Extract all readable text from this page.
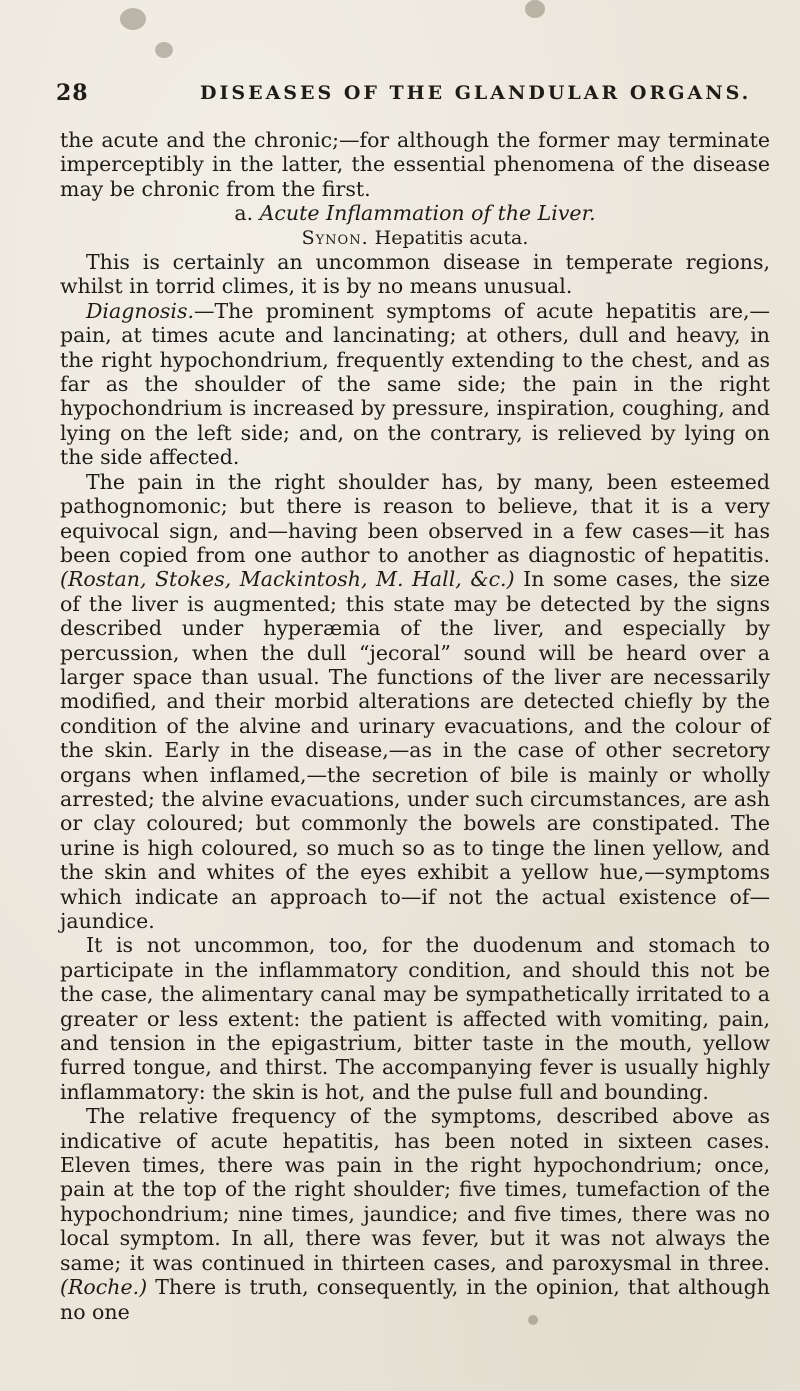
28	DISEASES OF THE GLANDULAR ORGANS.

the acute and the chronic;—for although the former may terminate imperceptibly in the latter, the essential phenomena of the disease may be chronic from the first.

a. Acute Inflammation of the Liver.

Synon. Hepatitis acuta.

This is certainly an uncommon disease in temperate regions, whilst in torrid climes, it is by no means unusual.

Diagnosis.—The prominent symptoms of acute hepatitis are,—pain, at times acute and lancinating; at others, dull and heavy, in the right hypochondrium, frequently extending to the chest, and as far as the shoulder of the same side; the pain in the right hypochondrium is increased by pressure, inspiration, coughing, and lying on the left side; and, on the contrary, is relieved by lying on the side affected.

The pain in the right shoulder has, by many, been esteemed pathognomonic; but there is reason to believe, that it is a very equivocal sign, and—having been observed in a few cases—it has been copied from one author to another as diagnostic of hepatitis. (Rostan, Stokes, Mackintosh, M. Hall, &c.) In some cases, the size of the liver is augmented; this state may be detected by the signs described under hyperæmia of the liver, and especially by percussion, when the dull “jecoral” sound will be heard over a larger space than usual. The functions of the liver are necessarily modified, and their morbid alterations are detected chiefly by the condition of the alvine and urinary evacuations, and the colour of the skin. Early in the disease,—as in the case of other secretory organs when inflamed,—the secretion of bile is mainly or wholly arrested; the alvine evacuations, under such circumstances, are ash or clay coloured; but commonly the bowels are constipated. The urine is high coloured, so much so as to tinge the linen yellow, and the skin and whites of the eyes exhibit a yellow hue,—symptoms which indicate an approach to—if not the actual existence of—jaundice.

It is not uncommon, too, for the duodenum and stomach to participate in the inflammatory condition, and should this not be the case, the alimentary canal may be sympathetically irritated to a greater or less extent: the patient is affected with vomiting, pain, and tension in the epigastrium, bitter taste in the mouth, yellow furred tongue, and thirst. The accompanying fever is usually highly inflammatory: the skin is hot, and the pulse full and bounding.

The relative frequency of the symptoms, described above as indicative of acute hepatitis, has been noted in sixteen cases. Eleven times, there was pain in the right hypochondrium; once, pain at the top of the right shoulder; five times, tumefaction of the hypochondrium; nine times, jaundice; and five times, there was no local symptom. In all, there was fever, but it was not always the same; it was continued in thirteen cases, and paroxysmal in three. (Roche.) There is truth, consequently, in the opinion, that although no one
